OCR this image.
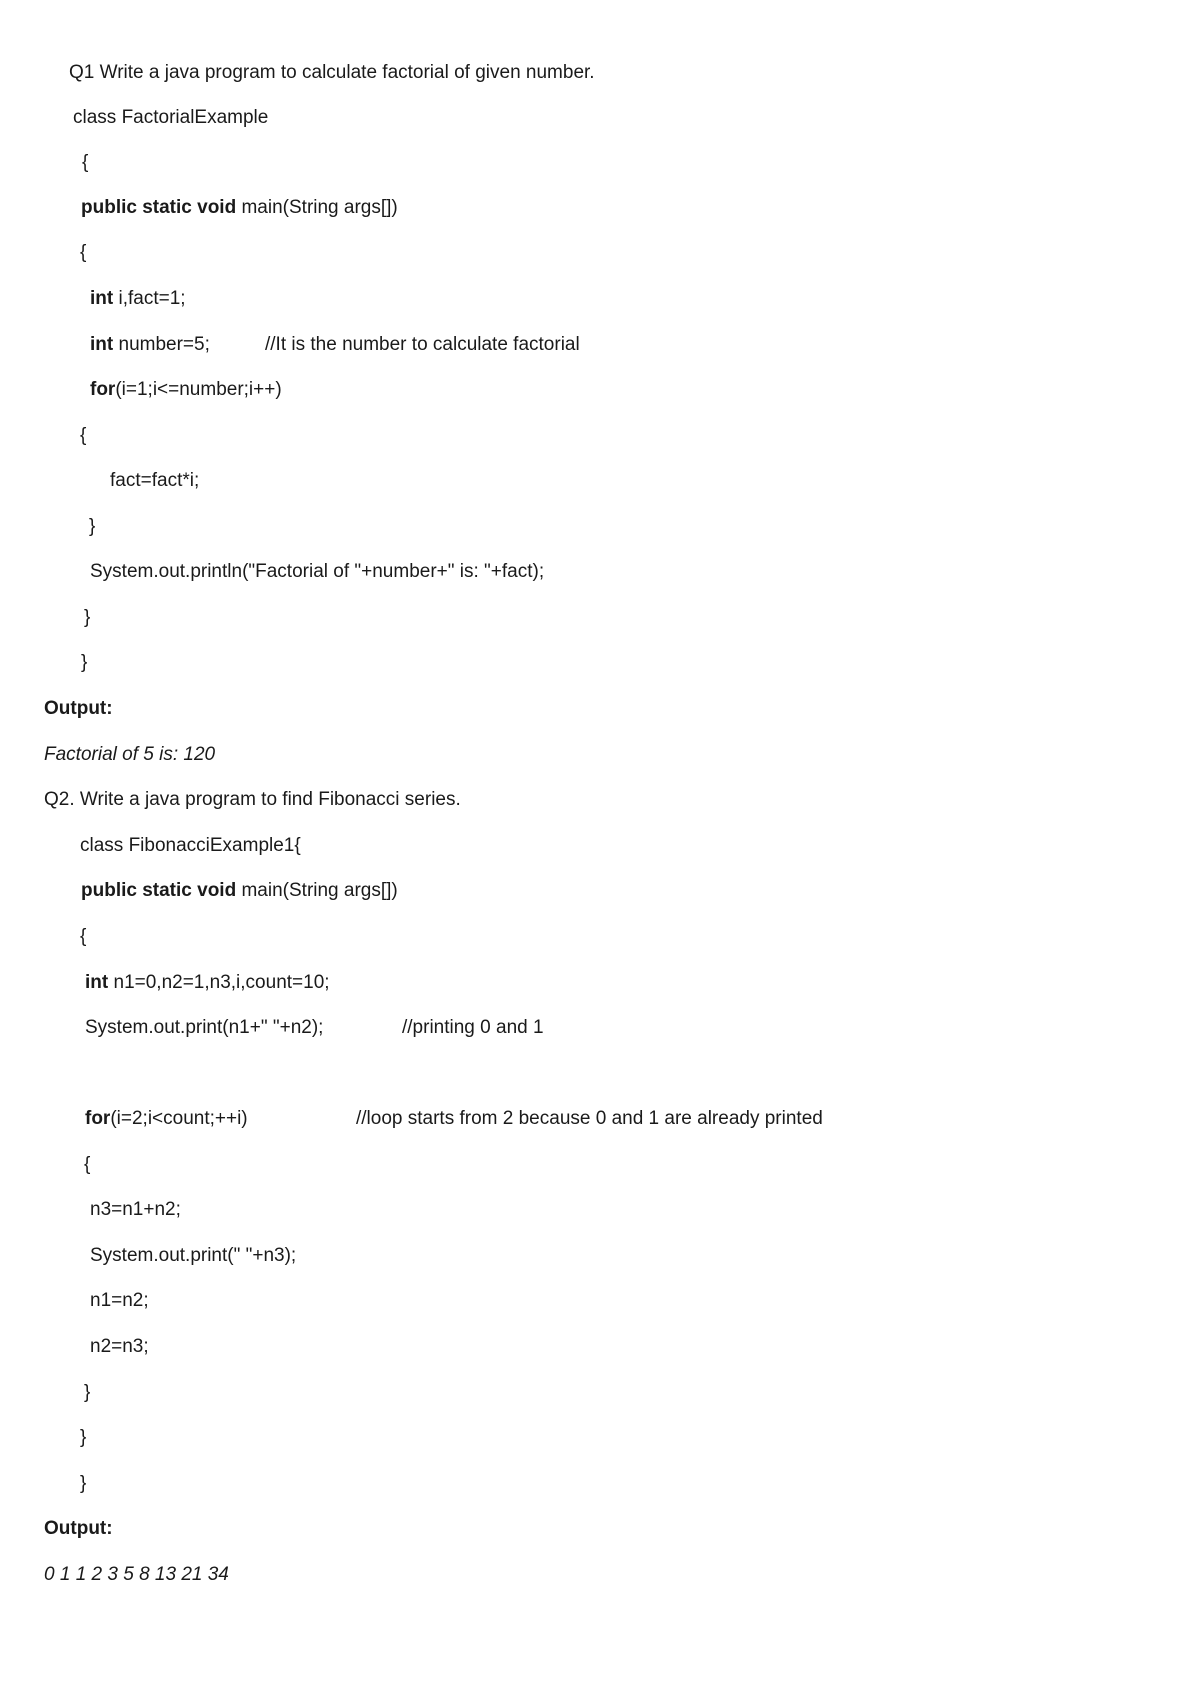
Q1 Write a java program to calculate factorial of given number.
class FactorialExample
{
public static void main(String args[])
{
int i,fact=1;
int number=5;	//It is the number to calculate factorial
for(i=1;i<=number;i++)
{
fact=fact*i;
}
System.out.println("Factorial of "+number+" is: "+fact);
}
}
Output:
Factorial of 5 is: 120
Q2. Write a java program to find Fibonacci series.
class FibonacciExample1{
public static void main(String args[])
{
int n1=0,n2=1,n3,i,count=10;
System.out.print(n1+" "+n2);	//printing 0 and 1
for(i=2;i<count;++i)	//loop starts from 2 because 0 and 1 are already printed
{
n3=n1+n2;
System.out.print(" "+n3);
n1=n2;
n2=n3;
}
}
}
Output:
0 1 1 2 3 5 8 13 21 34
